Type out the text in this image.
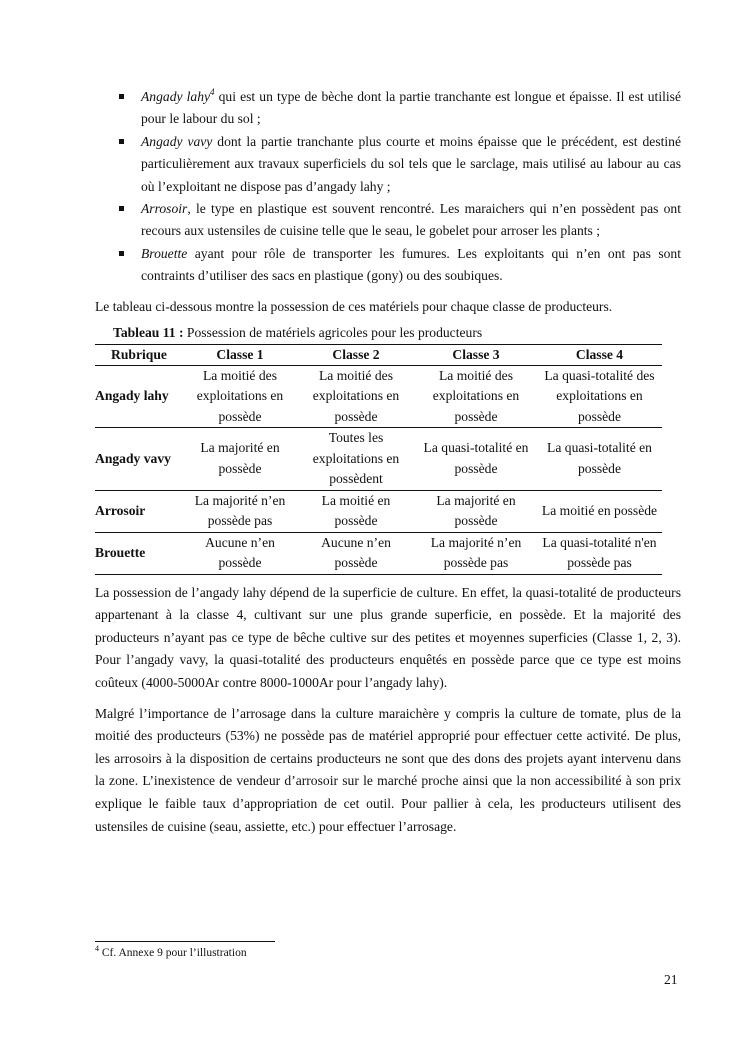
Angady lahy$^4$ qui est un type de bèche dont la partie tranchante est longue et épaisse. Il est utilisé pour le labour du sol ;
Angady vavy dont la partie tranchante plus courte et moins épaisse que le précédent, est destiné particulièrement aux travaux superficiels du sol tels que le sarclage, mais utilisé au labour au cas où l’exploitant ne dispose pas d’angady lahy ;
Arrosoir, le type en plastique est souvent rencontré. Les maraichers qui n’en possèdent pas ont recours aux ustensiles de cuisine telle que le seau, le gobelet pour arroser les plants ;
Brouette ayant pour rôle de transporter les fumures. Les exploitants qui n’en ont pas sont contraints d’utiliser des sacs en plastique (gony) ou des soubiques.

Le tableau ci-dessous montre la possession de ces matériels pour chaque classe de producteurs.

Tableau 11 : Possession de matériels agricoles pour les producteurs
Rubrique	Classe 1	Classe 2	Classe 3	Classe 4
Angady lahy	La moitié des exploitations en possède	La moitié des exploitations en possède	La moitié des exploitations en possède	La quasi-totalité des exploitations en possède
Angady vavy	La majorité en possède	Toutes les exploitations en possèdent	La quasi-totalité en possède	La quasi-totalité en possède
Arrosoir	La majorité n’en possède pas	La moitié en possède	La majorité en possède	La moitié en possède
Brouette	Aucune n’en possède	Aucune n’en possède	La majorité n’en possède pas	La quasi-totalité n'en possède pas

La possession de l’angady lahy dépend de la superficie de culture. En effet, la quasi-totalité de producteurs appartenant à la classe 4, cultivant sur une plus grande superficie, en possède. Et la majorité des producteurs n’ayant pas ce type de bêche cultive sur des petites et moyennes superficies (Classe 1, 2, 3). Pour l’angady vavy, la quasi-totalité des producteurs enquêtés en possède parce que ce type est moins coûteux (4000-5000Ar contre 8000-1000Ar pour l’angady lahy).

Malgré l’importance de l’arrosage dans la culture maraichère y compris la culture de tomate, plus de la moitié des producteurs (53%) ne possède pas de matériel approprié pour effectuer cette activité. De plus, les arrosoirs à la disposition de certains producteurs ne sont que des dons des projets ayant intervenu dans la zone. L’inexistence de vendeur d’arrosoir sur le marché proche ainsi que la non accessibilité à son prix explique le faible taux d’appropriation de cet outil. Pour pallier à cela, les producteurs utilisent des ustensiles de cuisine (seau, assiette, etc.) pour effectuer l’arrosage.

$^4$ Cf. Annexe 9 pour l’illustration
21
